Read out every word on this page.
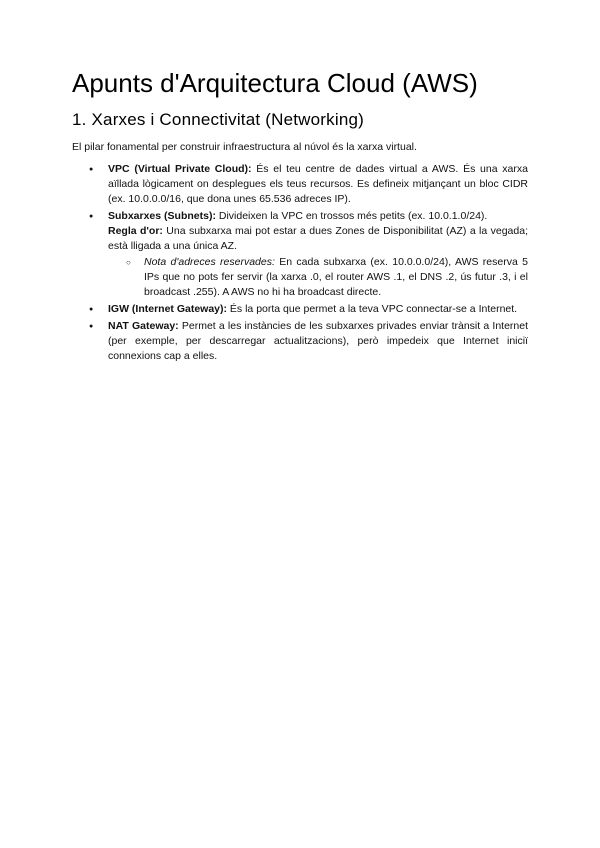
Apunts d'Arquitectura Cloud (AWS)
1. Xarxes i Connectivitat (Networking)

El pilar fonamental per construir infraestructura al núvol és la xarxa virtual.

● VPC (Virtual Private Cloud): És el teu centre de dades virtual a AWS. És una xarxa aïllada lògicament on desplegues els teus recursos. Es defineix mitjançant un bloc CIDR (ex. 10.0.0.0/16, que dona unes 65.536 adreces IP).
● Subxarxes (Subnets): Divideixen la VPC en trossos més petits (ex. 10.0.1.0/24).
Regla d'or: Una subxarxa mai pot estar a dues Zones de Disponibilitat (AZ) a la vegada; està lligada a una única AZ.
○ Nota d'adreces reservades: En cada subxarxa (ex. 10.0.0.0/24), AWS reserva 5 IPs que no pots fer servir (la xarxa .0, el router AWS .1, el DNS .2, ús futur .3, i el broadcast .255). A AWS no hi ha broadcast directe.
● IGW (Internet Gateway): És la porta que permet a la teva VPC connectar-se a Internet.
● NAT Gateway: Permet a les instàncies de les subxarxes privades enviar trànsit a Internet (per exemple, per descarregar actualitzacions), però impedeix que Internet iniciï connexions cap a elles.
